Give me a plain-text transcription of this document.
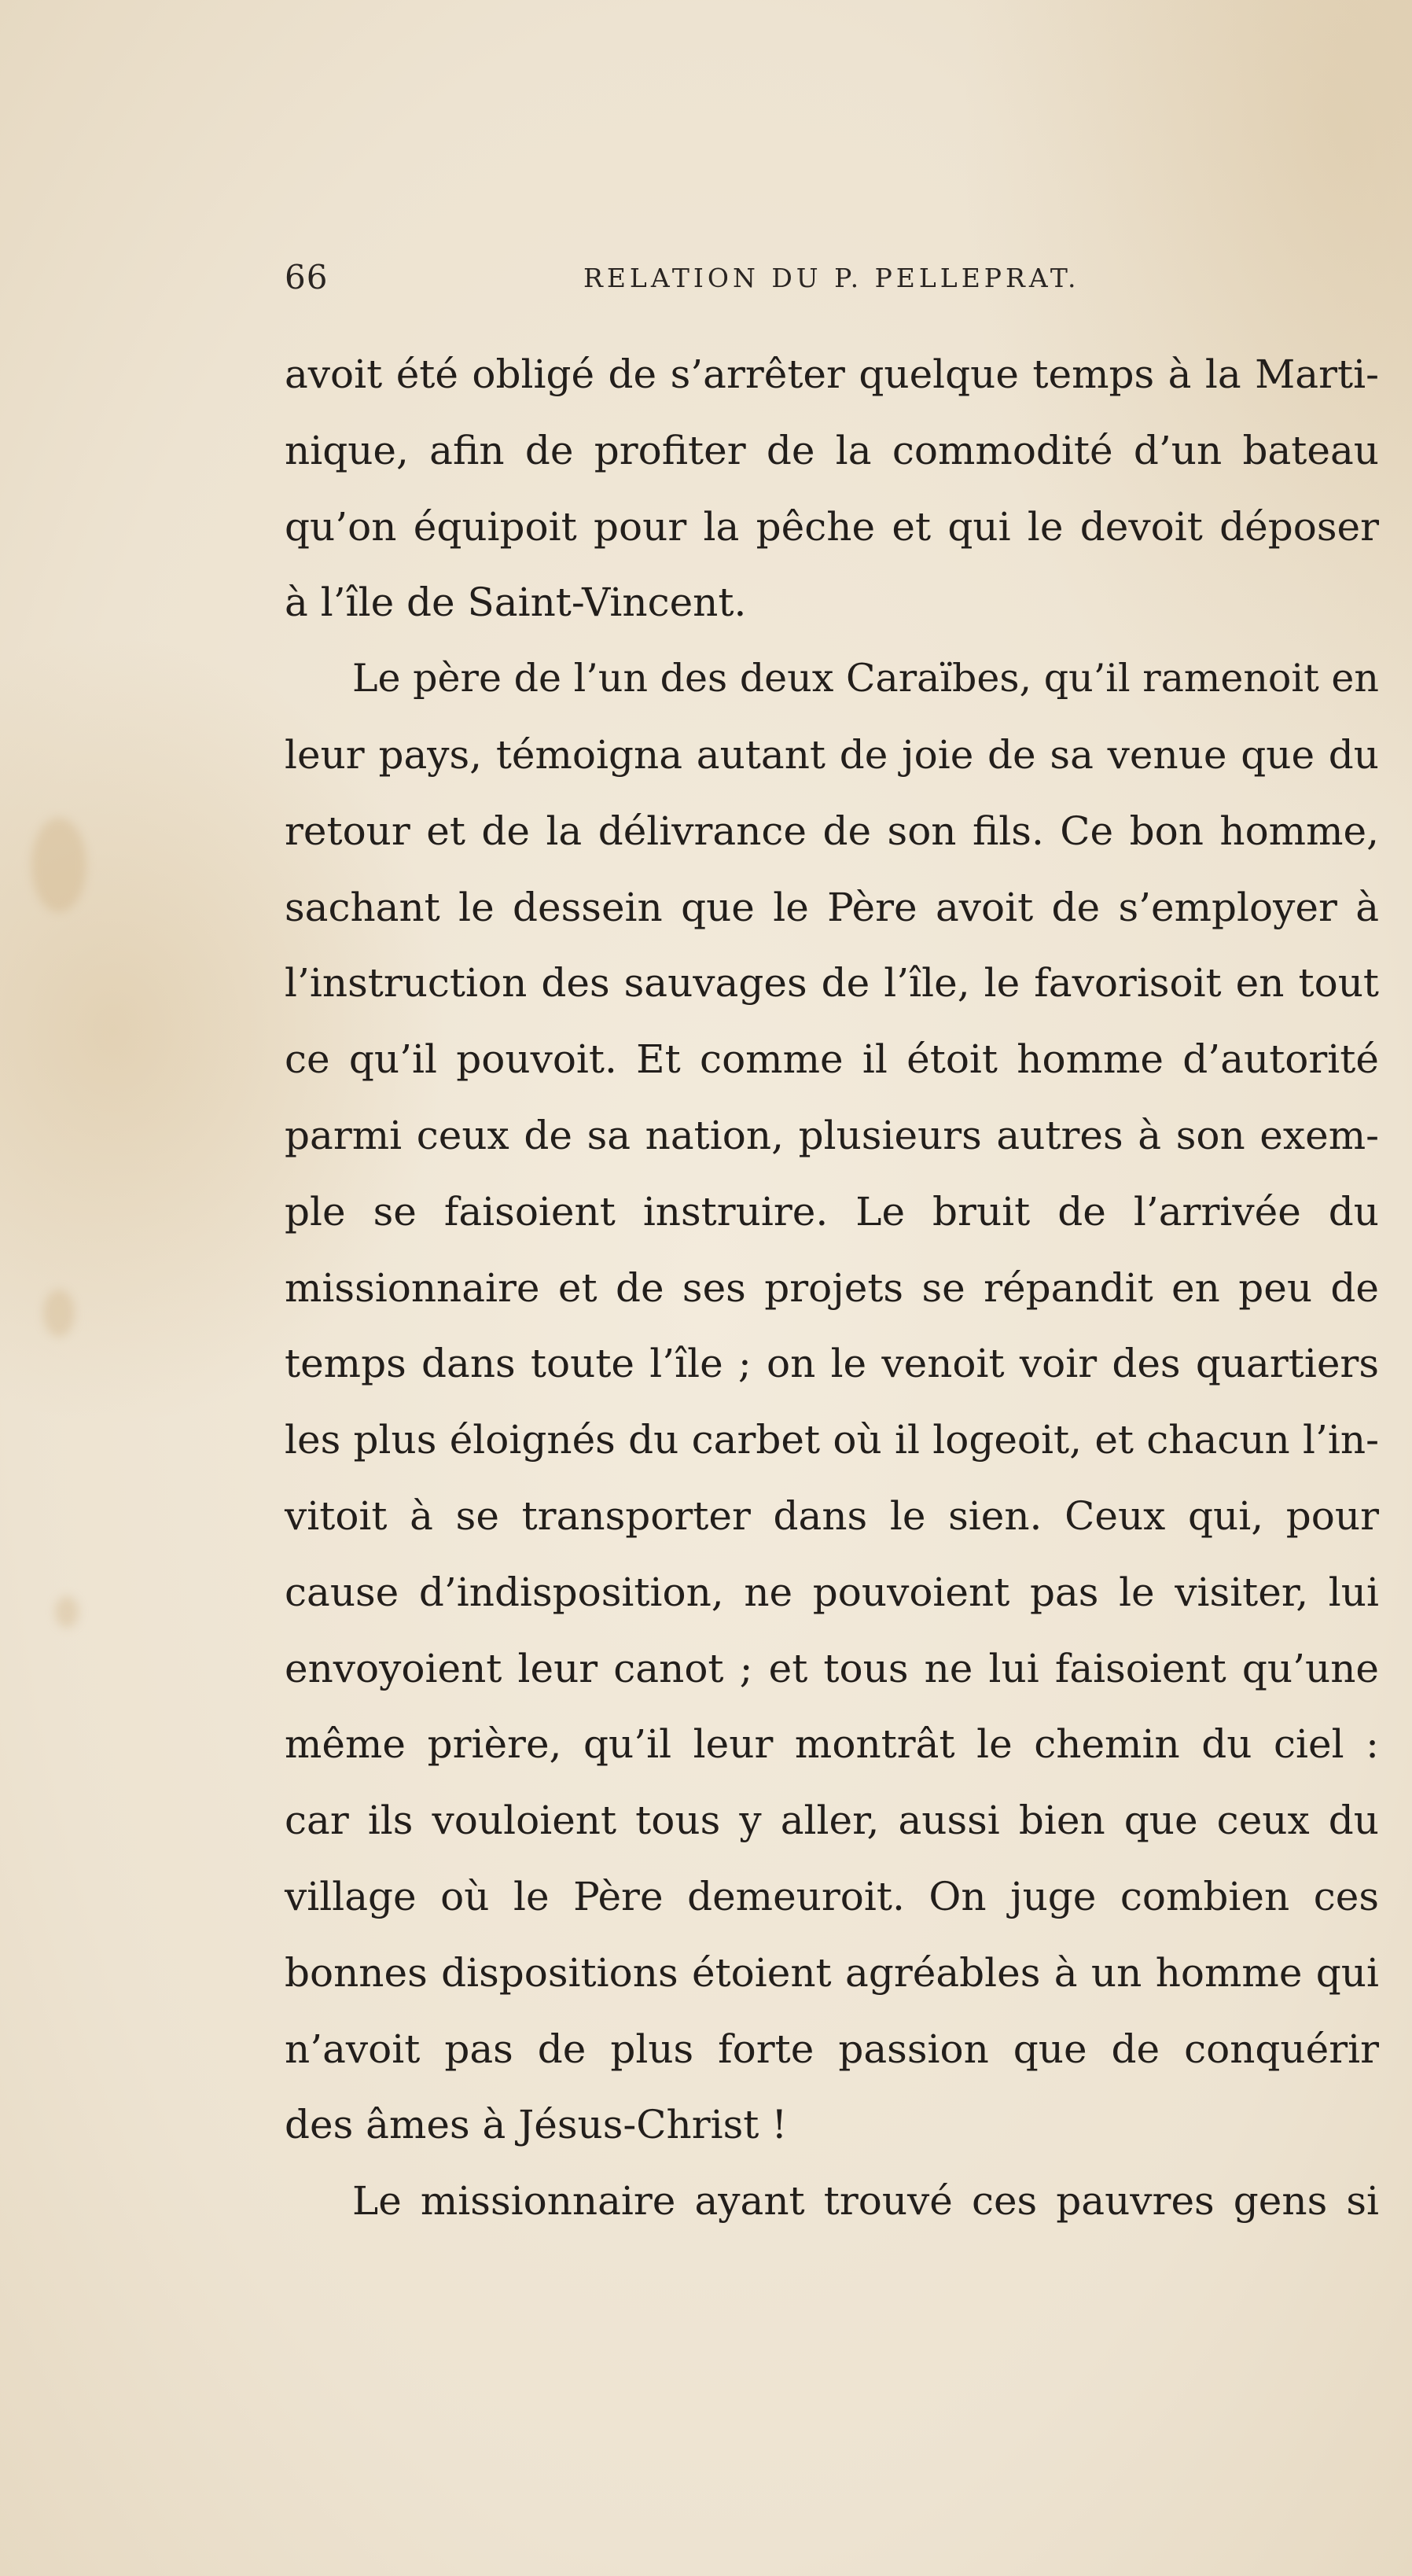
66	RELATION DU P. PELLEPRAT.
avoit été obligé de s’arrêter quelque temps à la Marti-
nique, afin de profiter de la commodité d’un bateau
qu’on équipoit pour la pêche et qui le devoit déposer
à l’île de Saint-Vincent.
Le père de l’un des deux Caraïbes, qu’il ramenoit en
leur pays, témoigna autant de joie de sa venue que du
retour et de la délivrance de son fils. Ce bon homme,
sachant le dessein que le Père avoit de s’employer à
l’instruction des sauvages de l’île, le favorisoit en tout
ce qu’il pouvoit. Et comme il étoit homme d’autorité
parmi ceux de sa nation, plusieurs autres à son exem-
ple se faisoient instruire. Le bruit de l’arrivée du
missionnaire et de ses projets se répandit en peu de
temps dans toute l’île ; on le venoit voir des quartiers
les plus éloignés du carbet où il logeoit, et chacun l’in-
vitoit à se transporter dans le sien. Ceux qui, pour
cause d’indisposition, ne pouvoient pas le visiter, lui
envoyoient leur canot ; et tous ne lui faisoient qu’une
même prière, qu’il leur montrât le chemin du ciel :
car ils vouloient tous y aller, aussi bien que ceux du
village où le Père demeuroit. On juge combien ces
bonnes dispositions étoient agréables à un homme qui
n’avoit pas de plus forte passion que de conquérir
des âmes à Jésus-Christ !
Le missionnaire ayant trouvé ces pauvres gens si
